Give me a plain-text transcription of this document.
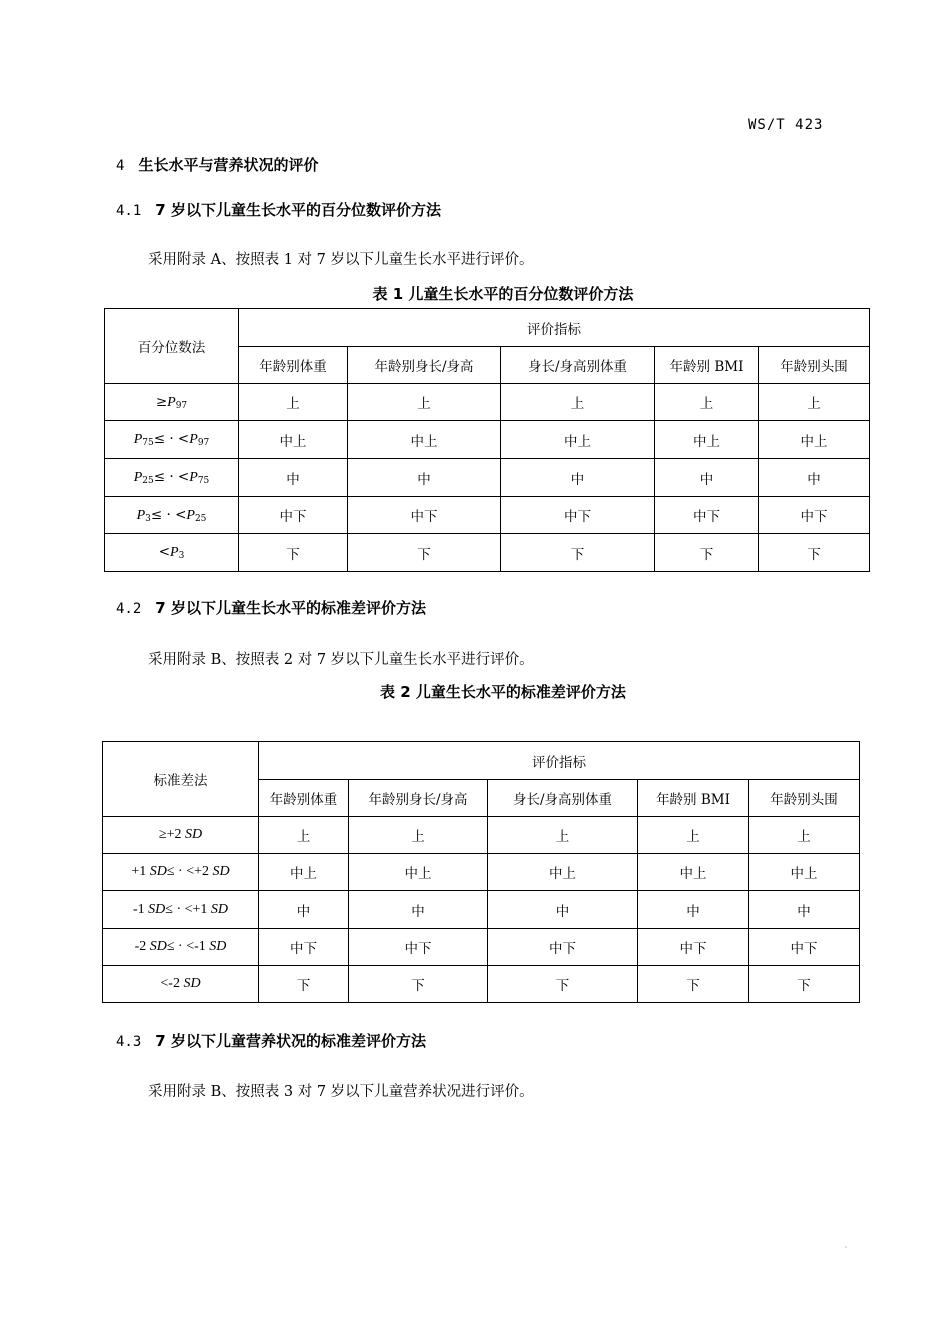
WS/T 423
4 生长水平与营养状况的评价
4.1 7 岁以下儿童生长水平的百分位数评价方法
采用附录 A、按照表 1 对 7 岁以下儿童生长水平进行评价。
表 1 儿童生长水平的百分位数评价方法
百分位数法	评价指标				
	年龄别体重	年龄别身长/身高	身长/身高别体重	年龄别 BMI	年龄别头围
$\ge P_{97}$	上	上	上	上	上
$P_{75}\le \cdot <P_{97}$	中上	中上	中上	中上	中上
$P_{25}\le \cdot <P_{75}$	中	中	中	中	中
$P_3\le \cdot <P_{25}$	中下	中下	中下	中下	中下
$<P_3$	下	下	下	下	下
4.2 7 岁以下儿童生长水平的标准差评价方法
采用附录 B、按照表 2 对 7 岁以下儿童生长水平进行评价。
表 2 儿童生长水平的标准差评价方法
标准差法	评价指标				
	年龄别体重	年龄别身长/身高	身长/身高别体重	年龄别 BMI	年龄别头围
≥+2 SD	上	上	上	上	上
+1 SD≤ · <+2 SD	中上	中上	中上	中上	中上
-1 SD≤ · <+1 SD	中	中	中	中	中
-2 SD≤ · <-1 SD	中下	中下	中下	中下	中下
<-2 SD	下	下	下	下	下
4.3 7 岁以下儿童营养状况的标准差评价方法
采用附录 B、按照表 3 对 7 岁以下儿童营养状况进行评价。
